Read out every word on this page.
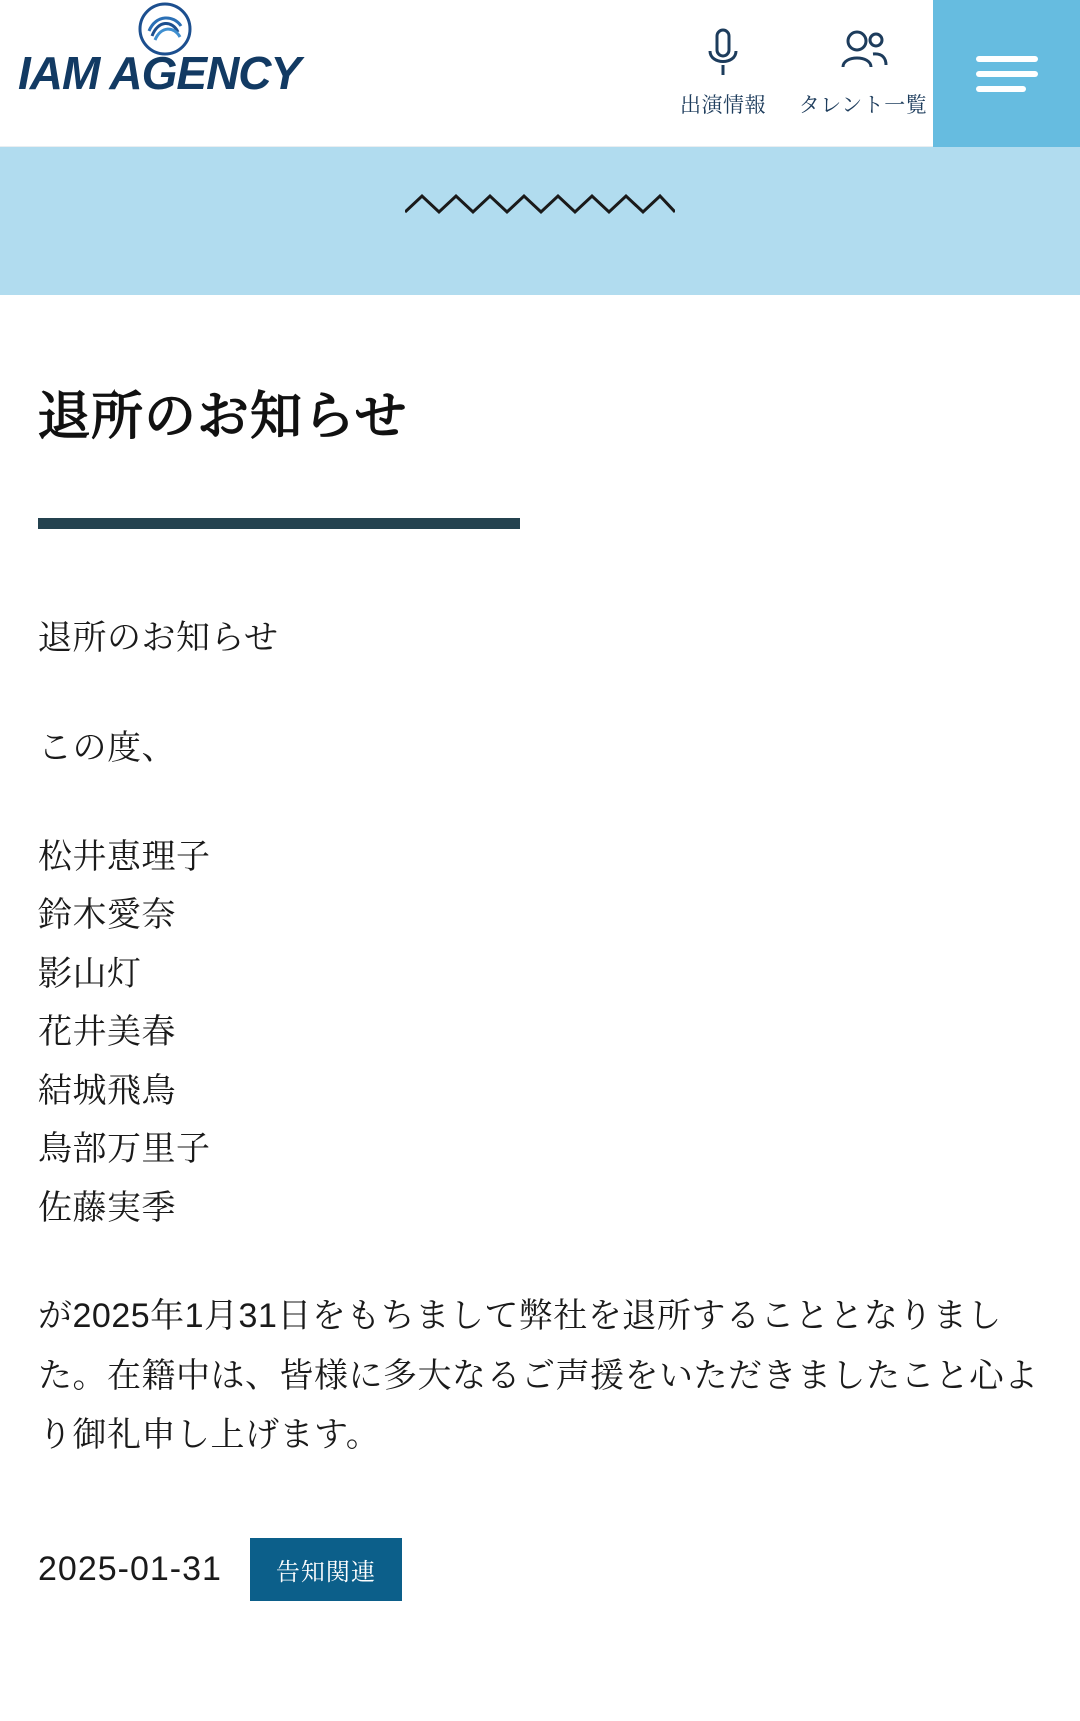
IAM AGENCY
出演情報 タレント一覧
退所のお知らせ

退所のお知らせ

この度、

松井恵理子
鈴木愛奈
影山灯
花井美春
結城飛鳥
鳥部万里子
佐藤実季

が2025年1月31日をもちまして弊社を退所することとなりました。在籍中は、皆様に多大なるご声援をいただきましたこと心より御礼申し上げます。

2025-01-31	告知関連
